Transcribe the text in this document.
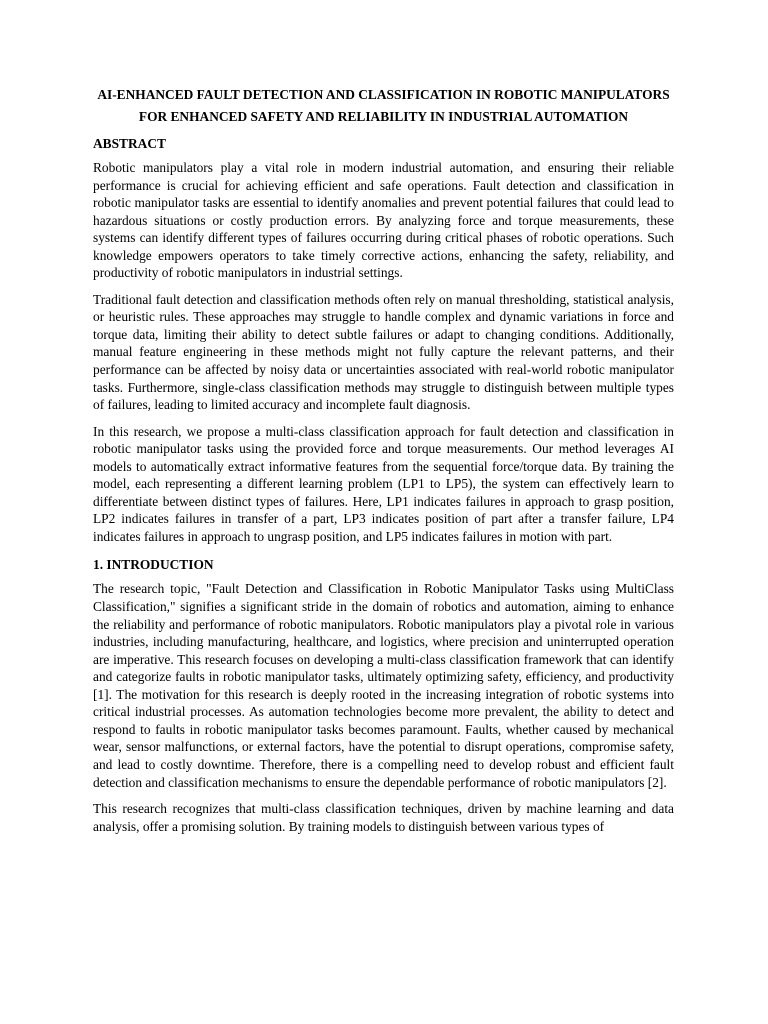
AI-ENHANCED FAULT DETECTION AND CLASSIFICATION IN ROBOTIC MANIPULATORS FOR ENHANCED SAFETY AND RELIABILITY IN INDUSTRIAL AUTOMATION
ABSTRACT

Robotic manipulators play a vital role in modern industrial automation, and ensuring their reliable performance is crucial for achieving efficient and safe operations. Fault detection and classification in robotic manipulator tasks are essential to identify anomalies and prevent potential failures that could lead to hazardous situations or costly production errors. By analyzing force and torque measurements, these systems can identify different types of failures occurring during critical phases of robotic operations. Such knowledge empowers operators to take timely corrective actions, enhancing the safety, reliability, and productivity of robotic manipulators in industrial settings.

Traditional fault detection and classification methods often rely on manual thresholding, statistical analysis, or heuristic rules. These approaches may struggle to handle complex and dynamic variations in force and torque data, limiting their ability to detect subtle failures or adapt to changing conditions. Additionally, manual feature engineering in these methods might not fully capture the relevant patterns, and their performance can be affected by noisy data or uncertainties associated with real-world robotic manipulator tasks. Furthermore, single-class classification methods may struggle to distinguish between multiple types of failures, leading to limited accuracy and incomplete fault diagnosis.

In this research, we propose a multi-class classification approach for fault detection and classification in robotic manipulator tasks using the provided force and torque measurements. Our method leverages AI models to automatically extract informative features from the sequential force/torque data. By training the model, each representing a different learning problem (LP1 to LP5), the system can effectively learn to differentiate between distinct types of failures. Here, LP1 indicates failures in approach to grasp position, LP2 indicates failures in transfer of a part, LP3 indicates position of part after a transfer failure, LP4 indicates failures in approach to ungrasp position, and LP5 indicates failures in motion with part.

1. INTRODUCTION

The research topic, "Fault Detection and Classification in Robotic Manipulator Tasks using MultiClass Classification," signifies a significant stride in the domain of robotics and automation, aiming to enhance the reliability and performance of robotic manipulators. Robotic manipulators play a pivotal role in various industries, including manufacturing, healthcare, and logistics, where precision and uninterrupted operation are imperative. This research focuses on developing a multi-class classification framework that can identify and categorize faults in robotic manipulator tasks, ultimately optimizing safety, efficiency, and productivity [1]. The motivation for this research is deeply rooted in the increasing integration of robotic systems into critical industrial processes. As automation technologies become more prevalent, the ability to detect and respond to faults in robotic manipulator tasks becomes paramount. Faults, whether caused by mechanical wear, sensor malfunctions, or external factors, have the potential to disrupt operations, compromise safety, and lead to costly downtime. Therefore, there is a compelling need to develop robust and efficient fault detection and classification mechanisms to ensure the dependable performance of robotic manipulators [2].

This research recognizes that multi-class classification techniques, driven by machine learning and data analysis, offer a promising solution. By training models to distinguish between various types of
